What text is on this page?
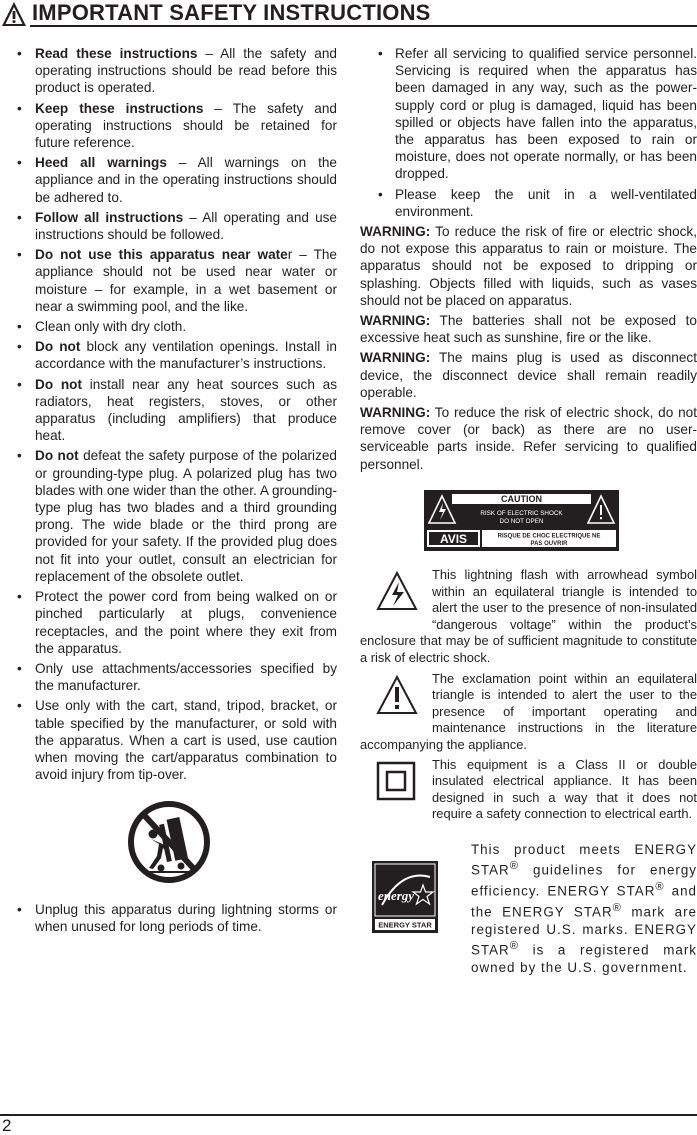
IMPORTANT SAFETY INSTRUCTIONS
• Read these instructions – All the safety and operating instructions should be read before this product is operated.
• Keep these instructions – The safety and operating instructions should be retained for future reference.
• Heed all warnings – All warnings on the appliance and in the operating instructions should be adhered to.
• Follow all instructions – All operating and use instructions should be followed.
• Do not use this apparatus near water – The appliance should not be used near water or moisture – for example, in a wet basement or near a swimming pool, and the like.
• Clean only with dry cloth.
• Do not block any ventilation openings. Install in accordance with the manufacturer’s instructions.
• Do not install near any heat sources such as radiators, heat registers, stoves, or other apparatus (including amplifiers) that produce heat.
• Do not defeat the safety purpose of the polarized or grounding-type plug. A polarized plug has two blades with one wider than the other. A grounding-type plug has two blades and a third grounding prong. The wide blade or the third prong are provided for your safety. If the provided plug does not fit into your outlet, consult an electrician for replacement of the obsolete outlet.
• Protect the power cord from being walked on or pinched particularly at plugs, convenience receptacles, and the point where they exit from the apparatus.
• Only use attachments/accessories specified by the manufacturer.
• Use only with the cart, stand, tripod, bracket, or table specified by the manufacturer, or sold with the apparatus. When a cart is used, use caution when moving the cart/apparatus combination to avoid injury from tip-over.
• Unplug this apparatus during lightning storms or when unused for long periods of time.
• Refer all servicing to qualified service personnel. Servicing is required when the apparatus has been damaged in any way, such as the power-supply cord or plug is damaged, liquid has been spilled or objects have fallen into the apparatus, the apparatus has been exposed to rain or moisture, does not operate normally, or has been dropped.
• Please keep the unit in a well-ventilated environment.
WARNING: To reduce the risk of fire or electric shock, do not expose this apparatus to rain or moisture. The apparatus should not be exposed to dripping or splashing. Objects filled with liquids, such as vases should not be placed on apparatus.
WARNING: The batteries shall not be exposed to excessive heat such as sunshine, fire or the like.
WARNING: The mains plug is used as disconnect device, the disconnect device shall remain readily operable.
WARNING: To reduce the risk of electric shock, do not remove cover (or back) as there are no user-serviceable parts inside. Refer servicing to qualified personnel.
CAUTION
RISK OF ELECTRIC SHOCK
DO NOT OPEN
AVIS	RISQUE DE CHOC ELECTRIQUE NE
PAS OUVRIR
This lightning flash with arrowhead symbol within an equilateral triangle is intended to alert the user to the presence of non-insulated “dangerous voltage” within the product’s enclosure that may be of sufficient magnitude to constitute a risk of electric shock.
The exclamation point within an equilateral triangle is intended to alert the user to the presence of important operating and maintenance instructions in the literature accompanying the appliance.
This equipment is a Class II or double insulated electrical appliance. It has been designed in such a way that it does not require a safety connection to electrical earth.
energy
ENERGY STAR
This product meets ENERGY STAR® guidelines for energy efficiency. ENERGY STAR® and the ENERGY STAR® mark are registered U.S. marks. ENERGY STAR® is a registered mark owned by the U.S. government.
2
